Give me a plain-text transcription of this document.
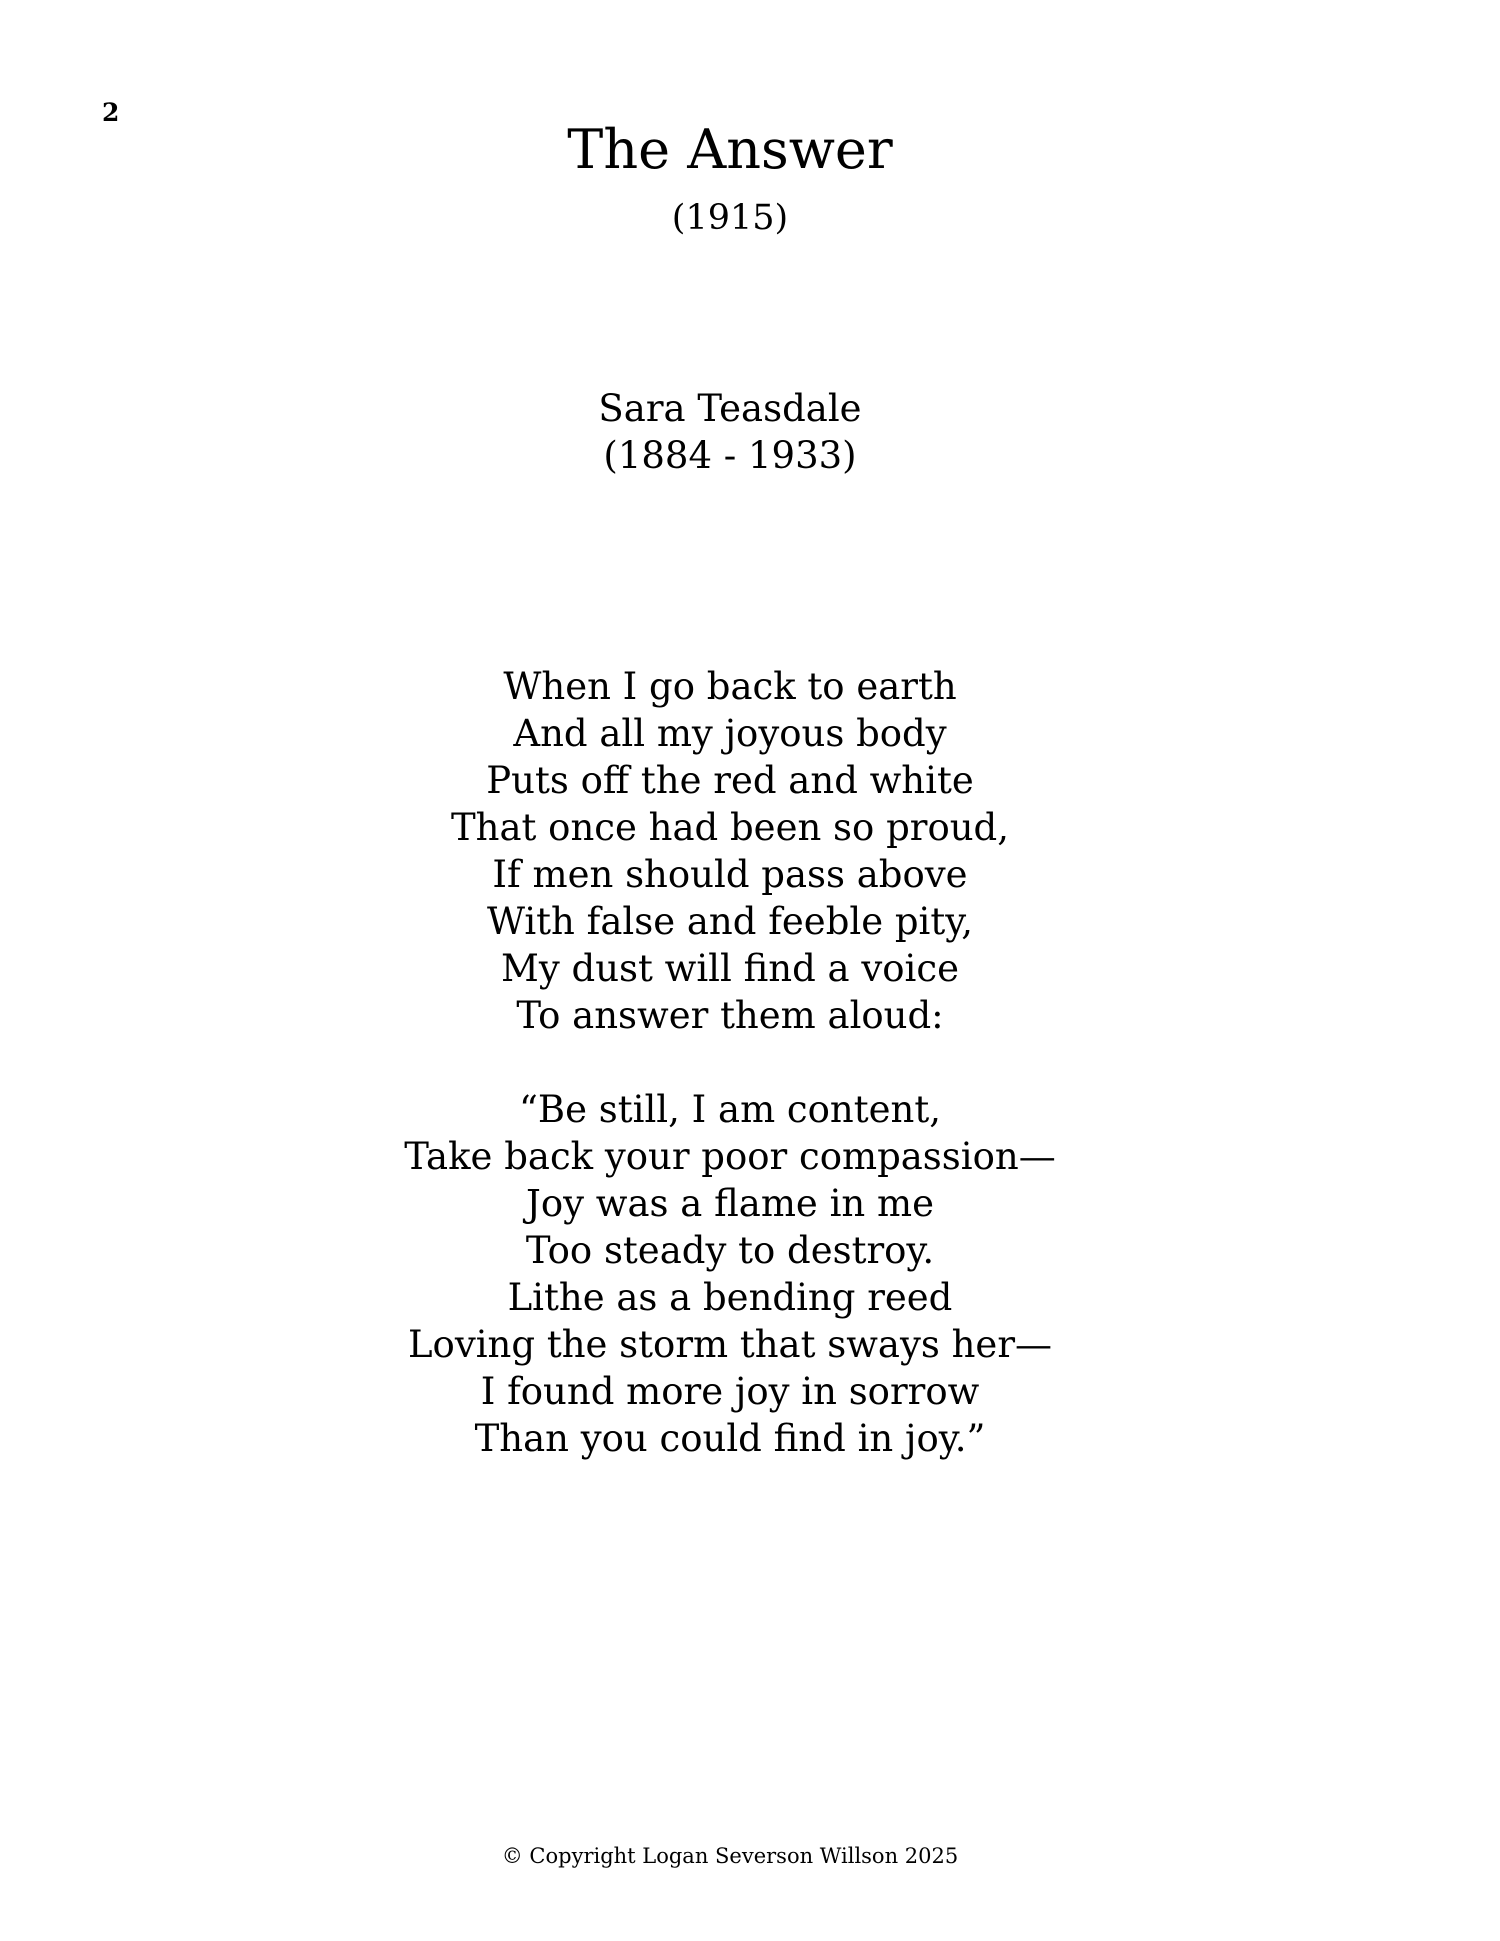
2
The Answer
(1915)
Sara Teasdale
(1884 - 1933)
When I go back to earth
And all my joyous body
Puts off the red and white
That once had been so proud,
If men should pass above
With false and feeble pity,
My dust will find a voice
To answer them aloud:
“Be still, I am content,
Take back your poor compassion—
Joy was a flame in me
Too steady to destroy.
Lithe as a bending reed
Loving the storm that sways her—
I found more joy in sorrow
Than you could find in joy.”
© Copyright Logan Severson Willson 2025
